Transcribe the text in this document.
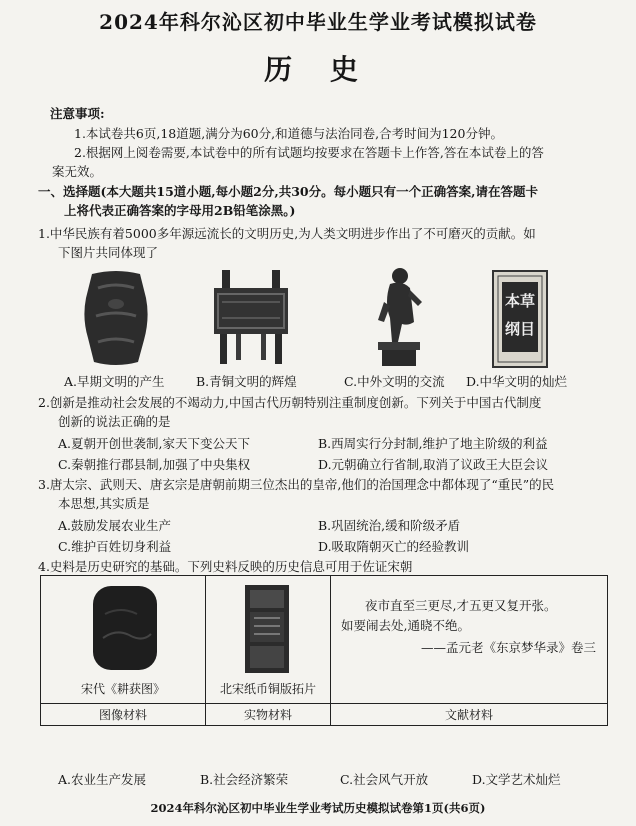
2024年科尔沁区初中毕业生学业考试模拟试卷
历 史
注意事项:
1.本试卷共6页,18道题,满分为60分,和道德与法治同卷,合考时间为120分钟。
2.根据网上阅卷需要,本试卷中的所有试题均按要求在答题卡上作答,答在本试卷上的答
案无效。
一、选择题(本大题共15道小题,每小题2分,共30分。每小题只有一个正确答案,请在答题卡
上将代表正确答案的字母用2B铅笔涂黑。)
1.中华民族有着5000多年源远流长的文明历史,为人类文明进步作出了不可磨灭的贡献。如
下图片共同体现了
本草
纲目
A.早期文明的产生	B.青铜文明的辉煌	C.中外文明的交流 D.中华文明的灿烂
2.创新是推动社会发展的不竭动力,中国古代历朝特别注重制度创新。下列关于中国古代制度
创新的说法正确的是
A.夏朝开创世袭制,家天下变公天下	B.西周实行分封制,维护了地主阶级的利益
C.秦朝推行郡县制,加强了中央集权	D.元朝确立行省制,取消了议政王大臣会议
3.唐太宗、武则天、唐玄宗是唐朝前期三位杰出的皇帝,他们的治国理念中都体现了“重民”的民
本思想,其实质是
A.鼓励发展农业生产	B.巩固统治,缓和阶级矛盾
C.维护百姓切身利益	D.吸取隋朝灭亡的经验教训
4.史料是历史研究的基础。下列史料反映的历史信息可用于佐证宋朝
宋代《耕获图》	北宋纸币铜版拓片	夜市直至三更尽,才五更又复开张。
如要闹去处,通晓不绝。
——孟元老《东京梦华录》卷三

图像材料	实物材料	文献材料
A.农业生产发展	B.社会经济繁荣	C.社会风气开放	D.文学艺术灿烂
2024年科尔沁区初中毕业生学业考试历史模拟试卷第1页(共6页)
